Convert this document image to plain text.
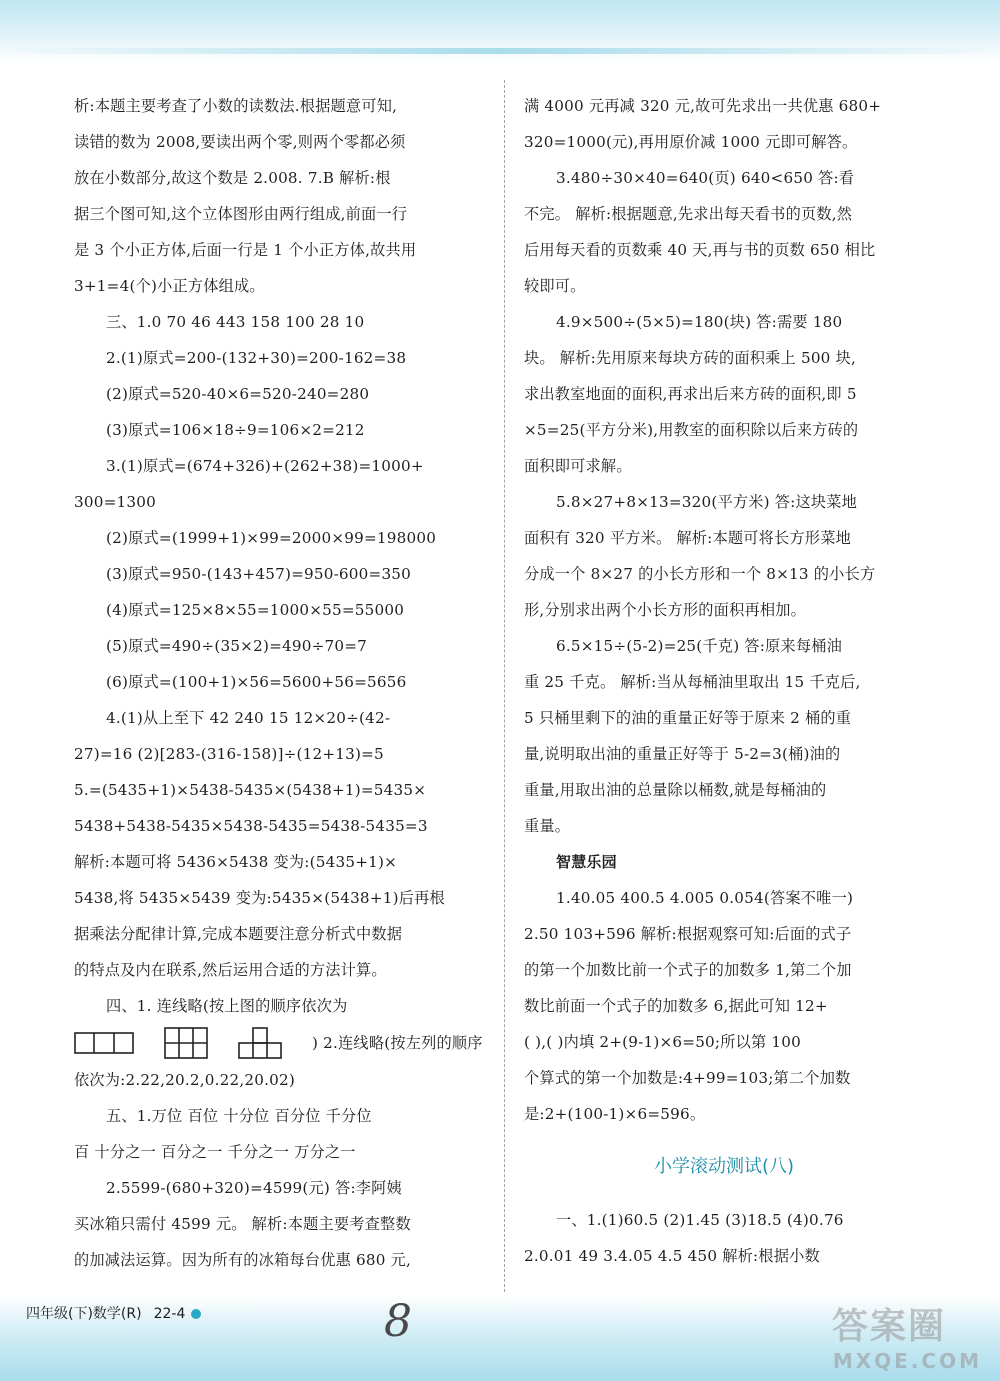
析:本题主要考查了小数的读数法.根据题意可知,
读错的数为 2008,要读出两个零,则两个零都必须
放在小数部分,故这个数是 2.008. 7.B 解析:根
据三个图可知,这个立体图形由两行组成,前面一行
是 3 个小正方体,后面一行是 1 个小正方体,故共用
3+1=4(个)小正方体组成。
三、1.0 70 46 443 158 100 28 10
2.(1)原式=200-(132+30)=200-162=38
(2)原式=520-40×6=520-240=280
(3)原式=106×18÷9=106×2=212
3.(1)原式=(674+326)+(262+38)=1000+
300=1300
(2)原式=(1999+1)×99=2000×99=198000
(3)原式=950-(143+457)=950-600=350
(4)原式=125×8×55=1000×55=55000
(5)原式=490÷(35×2)=490÷70=7
(6)原式=(100+1)×56=5600+56=5656
4.(1)从上至下 42 240 15 12×20÷(42-
27)=16 (2)[283-(316-158)]÷(12+13)=5
5.=(5435+1)×5438-5435×(5438+1)=5435×
5438+5438-5435×5438-5435=5438-5435=3
解析:本题可将 5436×5438 变为:(5435+1)×
5438,将 5435×5439 变为:5435×(5438+1)后再根
据乘法分配律计算,完成本题要注意分析式中数据
的特点及内在联系,然后运用合适的方法计算。
四、1. 连线略(按上图的顺序依次为
) 2.连线略(按左列的顺序
依次为:2.22,20.2,0.22,20.02)
五、1.万位 百位 十分位 百分位 千分位
百 十分之一 百分之一 千分之一 万分之一
2.5599-(680+320)=4599(元) 答:李阿姨
买冰箱只需付 4599 元。 解析:本题主要考查整数
的加减法运算。因为所有的冰箱每台优惠 680 元,
满 4000 元再减 320 元,故可先求出一共优惠 680+
320=1000(元),再用原价减 1000 元即可解答。
3.480÷30×40=640(页) 640<650 答:看
不完。 解析:根据题意,先求出每天看书的页数,然
后用每天看的页数乘 40 天,再与书的页数 650 相比
较即可。
4.9×500÷(5×5)=180(块) 答:需要 180
块。 解析:先用原来每块方砖的面积乘上 500 块,
求出教室地面的面积,再求出后来方砖的面积,即 5
×5=25(平方分米),用教室的面积除以后来方砖的
面积即可求解。
5.8×27+8×13=320(平方米) 答:这块菜地
面积有 320 平方米。 解析:本题可将长方形菜地
分成一个 8×27 的小长方形和一个 8×13 的小长方
形,分别求出两个小长方形的面积再相加。
6.5×15÷(5-2)=25(千克) 答:原来每桶油
重 25 千克。 解析:当从每桶油里取出 15 千克后,
5 只桶里剩下的油的重量正好等于原来 2 桶的重
量,说明取出油的重量正好等于 5-2=3(桶)油的
重量,用取出油的总量除以桶数,就是每桶油的
重量。
智慧乐园
1.40.05 400.5 4.005 0.054(答案不唯一)
2.50 103+596 解析:根据观察可知:后面的式子
的第一个加数比前一个式子的加数多 1,第二个加
数比前面一个式子的加数多 6,据此可知 12+
( ),( )内填 2+(9-1)×6=50;所以第 100
个算式的第一个加数是:4+99=103;第二个加数
是:2+(100-1)×6=596。
小学滚动测试(八)
一、1.(1)60.5 (2)1.45 (3)18.5 (4)0.76
2.0.01 49 3.4.05 4.5 450 解析:根据小数
四年级(下)数学(R) 22-4	8	答案圈
MXQE.COM
